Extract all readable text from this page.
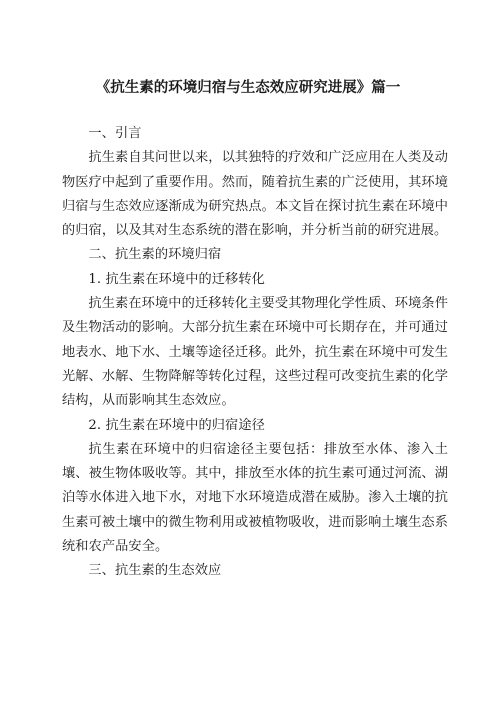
《抗生素的环境归宿与生态效应研究进展》篇一

一、引言

抗生素自其问世以来，以其独特的疗效和广泛应用在人类及动物医疗中起到了重要作用。然而，随着抗生素的广泛使用，其环境归宿与生态效应逐渐成为研究热点。本文旨在探讨抗生素在环境中的归宿，以及其对生态系统的潜在影响，并分析当前的研究进展。

二、抗生素的环境归宿

1. 抗生素在环境中的迁移转化

抗生素在环境中的迁移转化主要受其物理化学性质、环境条件及生物活动的影响。大部分抗生素在环境中可长期存在，并可通过地表水、地下水、土壤等途径迁移。此外，抗生素在环境中可发生光解、水解、生物降解等转化过程，这些过程可改变抗生素的化学结构，从而影响其生态效应。

2. 抗生素在环境中的归宿途径

抗生素在环境中的归宿途径主要包括：排放至水体、渗入土壤、被生物体吸收等。其中，排放至水体的抗生素可通过河流、湖泊等水体进入地下水，对地下水环境造成潜在威胁。渗入土壤的抗生素可被土壤中的微生物利用或被植物吸收，进而影响土壤生态系统和农产品安全。

三、抗生素的生态效应
